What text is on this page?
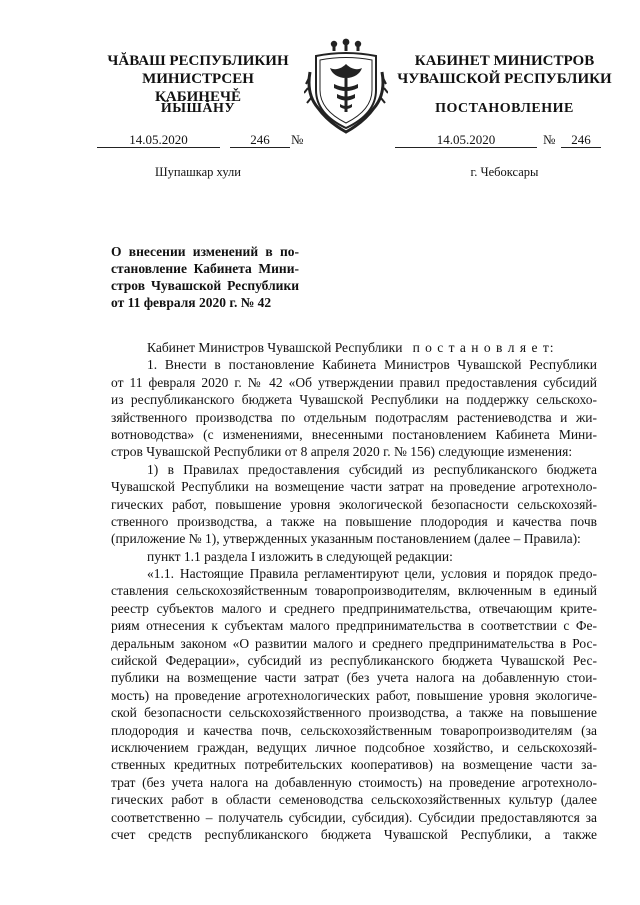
ЧĂВАШ РЕСПУБЛИКИН
МИНИСТРСЕН КАБИНЕЧĚ
ЙЫШĂНУ
КАБИНЕТ МИНИСТРОВ
ЧУВАШСКОЙ РЕСПУБЛИКИ
ПОСТАНОВЛЕНИЕ
14.05.2020	246	№	14.05.2020	№	246
Шупашкар хули	г. Чебоксары
О внесении изменений в по-
становление Кабинета Мини-
стров Чувашской Республики
от 11 февраля 2020 г. № 42
Кабинет Министров Чувашской Республики п о с т а н о в л я е т:
1. Внести в постановление Кабинета Министров Чувашской Республики
от 11 февраля 2020 г. № 42 «Об утверждении правил предоставления субсидий
из республиканского бюджета Чувашской Республики на поддержку сельскохо-
зяйственного производства по отдельным подотраслям растениеводства и жи-
вотноводства» (с изменениями, внесенными постановлением Кабинета Мини-
стров Чувашской Республики от 8 апреля 2020 г. № 156) следующие изменения:
1) в Правилах предоставления субсидий из республиканского бюджета
Чувашской Республики на возмещение части затрат на проведение агротехноло-
гических работ, повышение уровня экологической безопасности сельскохозяй-
ственного производства, а также на повышение плодородия и качества почв
(приложение № 1), утвержденных указанным постановлением (далее – Правила):
пункт 1.1 раздела I изложить в следующей редакции:
«1.1. Настоящие Правила регламентируют цели, условия и порядок предо-
ставления сельскохозяйственным товаропроизводителям, включенным в единый
реестр субъектов малого и среднего предпринимательства, отвечающим крите-
риям отнесения к субъектам малого предпринимательства в соответствии с Фе-
деральным законом «О развитии малого и среднего предпринимательства в Рос-
сийской Федерации», субсидий из республиканского бюджета Чувашской Рес-
публики на возмещение части затрат (без учета налога на добавленную стои-
мость) на проведение агротехнологических работ, повышение уровня экологиче-
ской безопасности сельскохозяйственного производства, а также на повышение
плодородия и качества почв, сельскохозяйственным товаропроизводителям (за
исключением граждан, ведущих личное подсобное хозяйство, и сельскохозяй-
ственных кредитных потребительских кооперативов) на возмещение части за-
трат (без учета налога на добавленную стоимость) на проведение агротехноло-
гических работ в области семеноводства сельскохозяйственных культур (далее
соответственно – получатель субсидии, субсидия). Субсидии предоставляются за
счет средств республиканского бюджета Чувашской Республики, а также
